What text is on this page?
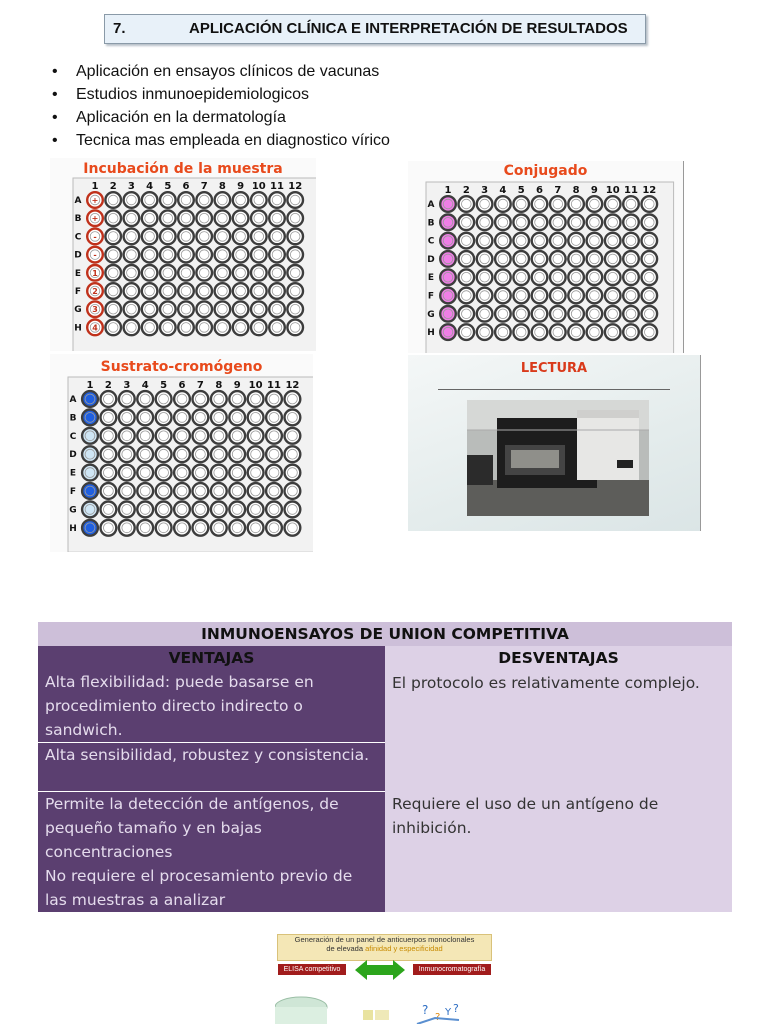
7.	APLICACIÓN CLÍNICA E INTERPRETACIÓN DE RESULTADOS
• Aplicación en ensayos clínicos de vacunas
• Estudios inmunoepidemiologicos
• Aplicación en la dermatología
• Tecnica mas empleada en diagnostico vírico
1 2 3 4 5 6 7 8 9 10 11 12
A +
B +
C -
D -
E 1
F 2
G 3
H 4
Incubación de la muestra
1 2 3 4 5 6 7 8 9 10 11 12
A
B
C
D
E
F
G
H
Conjugado
1 2 3 4 5 6 7 8 9 10 11 12
A
B
C
D
E
F
G
H
Sustrato-cromógeno	LECTURA
INMUNOENSAYOS DE UNION COMPETITIVA	
VENTAJAS	DESVENTAJAS
Alta flexibilidad: puede basarse en procedimiento directo indirecto o sandwich.	El protocolo es relativamente complejo.
Alta sensibilidad, robustez y consistencia.	

Permite la detección de antígenos, de pequeño tamaño y en bajas concentraciones
No requiere el procesamiento previo de las muestras a analizar	Requiere el uso de un antígeno de inhibición.
Generación de un panel de anticuerpos monoclonales
de elevada afinidad y especificidad
ELISA competitivo	Inmunocromatografía
?
? Y ?
